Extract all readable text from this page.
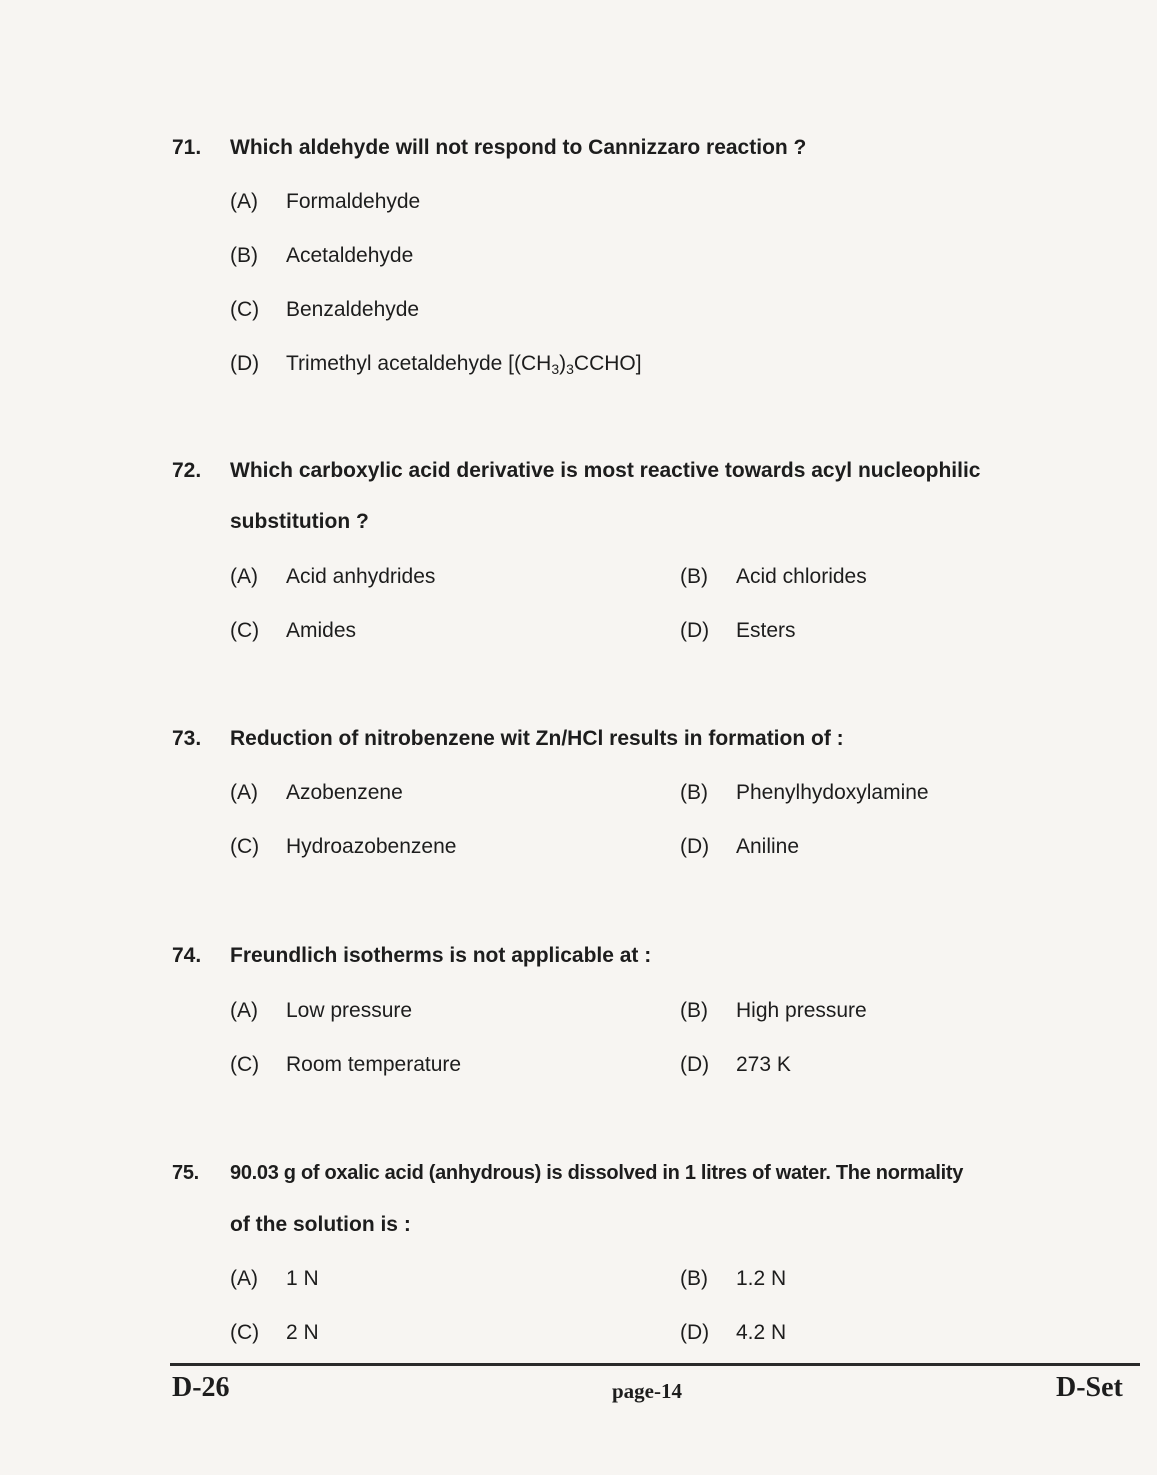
71. Which aldehyde will not respond to Cannizzaro reaction ?
(A) Formaldehyde
(B) Acetaldehyde
(C) Benzaldehyde
(D) Trimethyl acetaldehyde $[(CH_3)_3CCHO]$
72. Which carboxylic acid derivative is most reactive towards acyl nucleophilic
substitution ?
(A) Acid anhydrides	(B) Acid chlorides
(C) Amides	(D) Esters
73. Reduction of nitrobenzene wit Zn/HCl results in formation of :
(A) Azobenzene	(B) Phenylhydoxylamine
(C) Hydroazobenzene	(D) Aniline
74. Freundlich isotherms is not applicable at :
(A) Low pressure	(B) High pressure
(C) Room temperature	(D) 273 K
75. 90.03 g of oxalic acid (anhydrous) is dissolved in 1 litres of water. The normality
of the solution is :
(A) 1 N	(B) 1.2 N
(C) 2 N	(D) 4.2 N
D-26	page-14	D-Set
